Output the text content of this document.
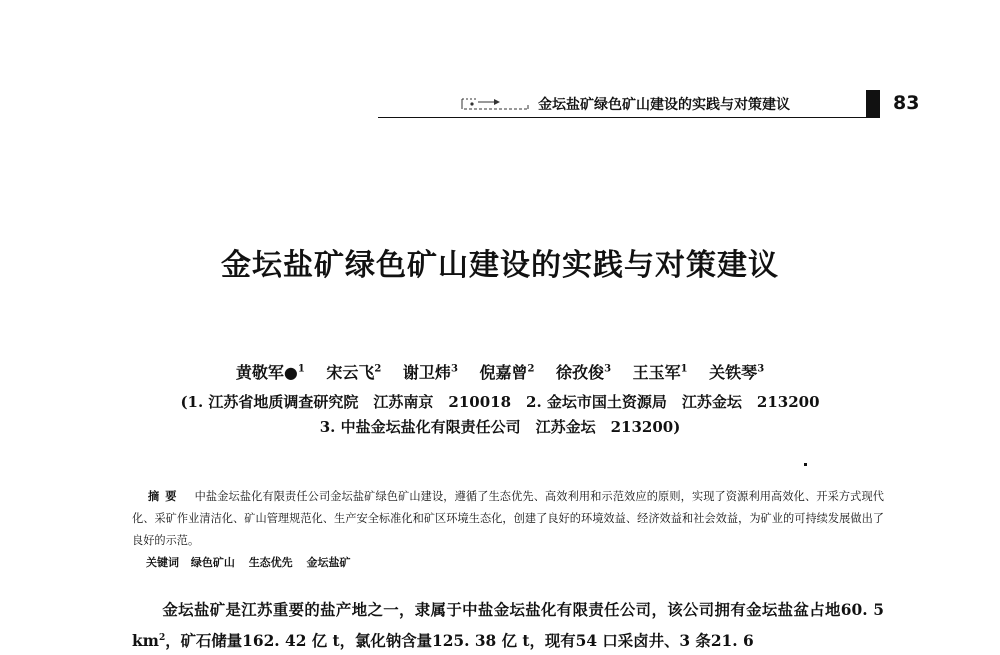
金坛盐矿绿色矿山建设的实践与对策建议	83
金坛盐矿绿色矿山建设的实践与对策建议
黄敬军●$^1$ 宋云飞$^2$ 谢卫炜$^3$ 倪嘉曾$^2$ 徐孜俊$^3$ 王玉军$^1$ 关铁琴$^3$
(1. 江苏省地质调查研究院　江苏南京　210018　2. 金坛市国土资源局　江苏金坛　213200
3. 中盐金坛盐化有限责任公司　江苏金坛　213200)
摘要 中盐金坛盐化有限责任公司金坛盐矿绿色矿山建设，遵循了生态优先、高效利用和示范效应的原则，实现了资源利用高效化、开采方式现代化、采矿作业清洁化、矿山管理规范化、生产安全标准化和矿区环境生态化，创建了良好的环境效益、经济效益和社会效益，为矿业的可持续发展做出了良好的示范。
关键词 绿色矿山 生态优先 金坛盐矿
金坛盐矿是江苏重要的盐产地之一，隶属于中盐金坛盐化有限责任公司，该公司拥有金坛盐盆占地60. 5 $km^2$，矿石储量162. 42 亿 t，氯化钠含量125. 38 亿 t，现有54 口采卤井、3 条21. 6
